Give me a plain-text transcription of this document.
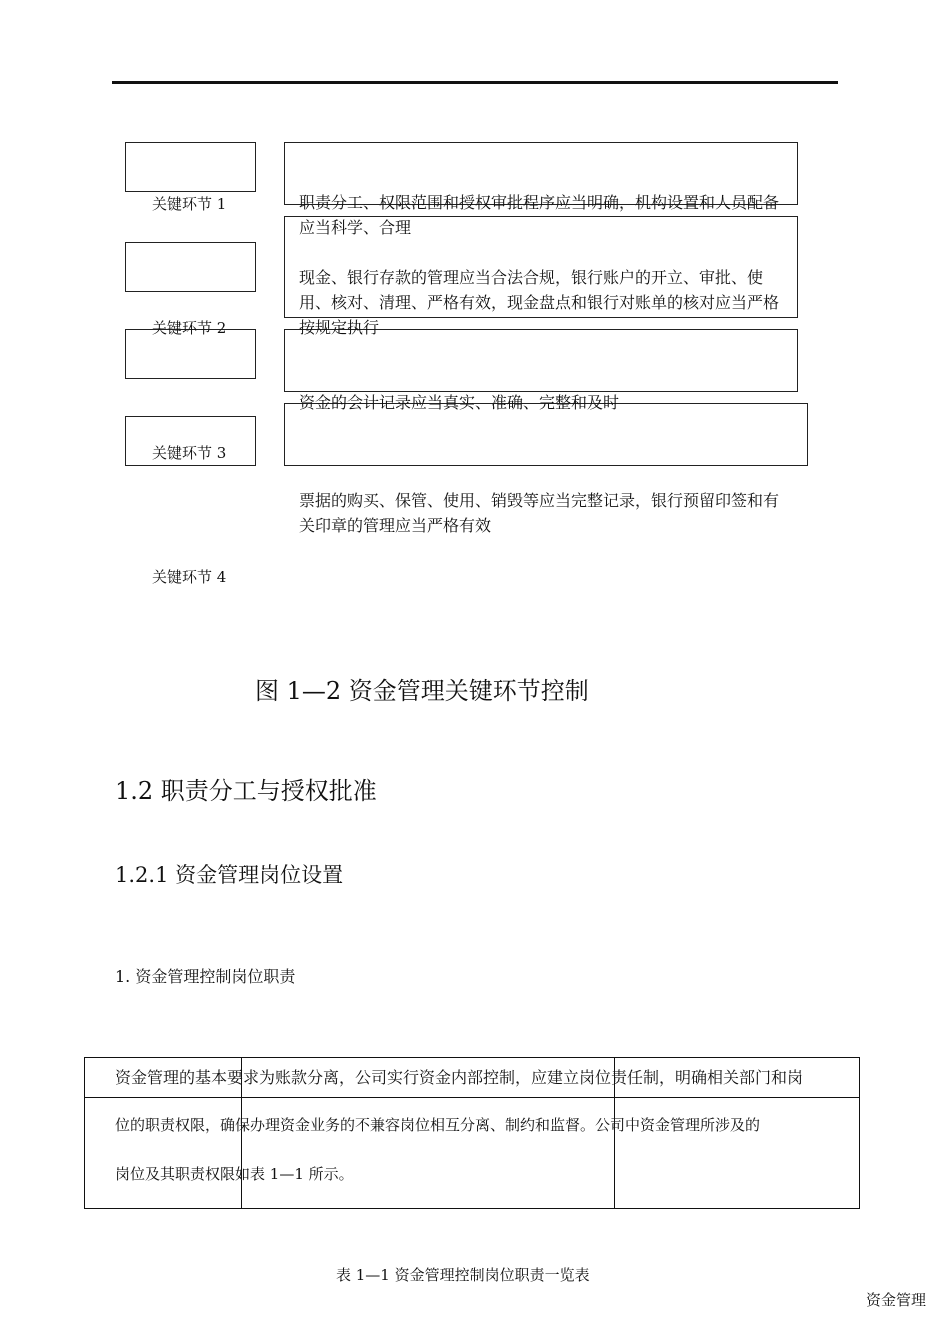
关键环节 1
关键环节 2
关键环节 3
关键环节 4
职责分工、权限范围和授权审批程序应当明确，机构设置和人员配备应当科学、合理
现金、银行存款的管理应当合法合规，银行账户的开立、审批、使用、核对、清理、严格有效，现金盘点和银行对账单的核对应当严格按规定执行
资金的会计记录应当真实、准确、完整和及时
票据的购买、保管、使用、销毁等应当完整记录，银行预留印签和有关印章的管理应当严格有效
图 1—2 资金管理关键环节控制
1.2 职责分工与授权批准
1.2.1 资金管理岗位设置
1. 资金管理控制岗位职责
资金管理的基本要求为账款分离，公司实行资金内部控制，应建立岗位责任制，明确相关部门和岗
位的职责权限，确保办理资金业务的不兼容岗位相互分离、制约和监督。公司中资金管理所涉及的
岗位及其职责权限如表 1—1 所示。
表 1—1 资金管理控制岗位职责一览表
资金管理
